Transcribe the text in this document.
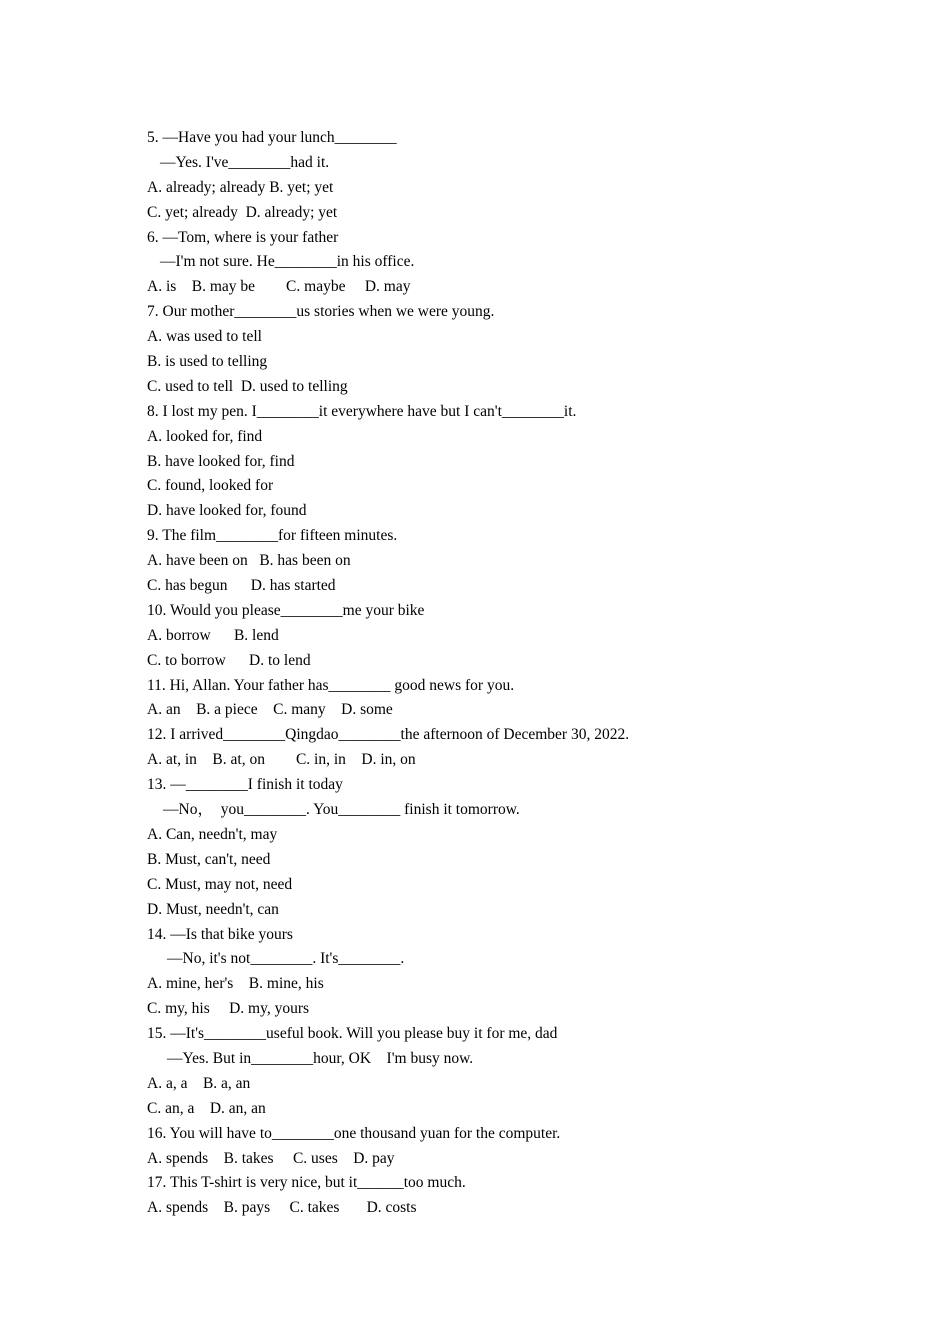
5. —Have you had your lunch________
—Yes. I've________had it.
A. already; already B. yet; yet
C. yet; already  D. already; yet
6. —Tom, where is your father
—I'm not sure. He________in his office.
A. is    B. may be        C. maybe     D. may
7. Our mother________us stories when we were young.
A. was used to tell
B. is used to telling
C. used to tell  D. used to telling
8. I lost my pen. I________it everywhere have but I can't________it.
A. looked for, find
B. have looked for, find
C. found, looked for
D. have looked for, found
9. The film________for fifteen minutes.
A. have been on   B. has been on
C. has begun      D. has started
10. Would you please________me your bike
A. borrow      B. lend
C. to borrow      D. to lend
11. Hi, Allan. Your father has________ good news for you.
A. an    B. a piece    C. many    D. some
12. I arrived________Qingdao________the afternoon of December 30, 2022.
A. at, in    B. at, on        C. in, in    D. in, on
13. —________I finish it today
—No，  you________. You________ finish it tomorrow.
A. Can, needn't, may
B. Must, can't, need
C. Must, may not, need
D. Must, needn't, can
14. —Is that bike yours
—No, it's not________. It's________.
A. mine, her's    B. mine, his
C. my, his     D. my, yours
15. —It's________useful book. Will you please buy it for me, dad
—Yes. But in________hour, OK    I'm busy now.
A. a, a    B. a, an
C. an, a    D. an, an
16. You will have to________one thousand yuan for the computer.
A. spends    B. takes     C. uses    D. pay
17. This T-shirt is very nice, but it______too much.
A. spends    B. pays     C. takes       D. costs
